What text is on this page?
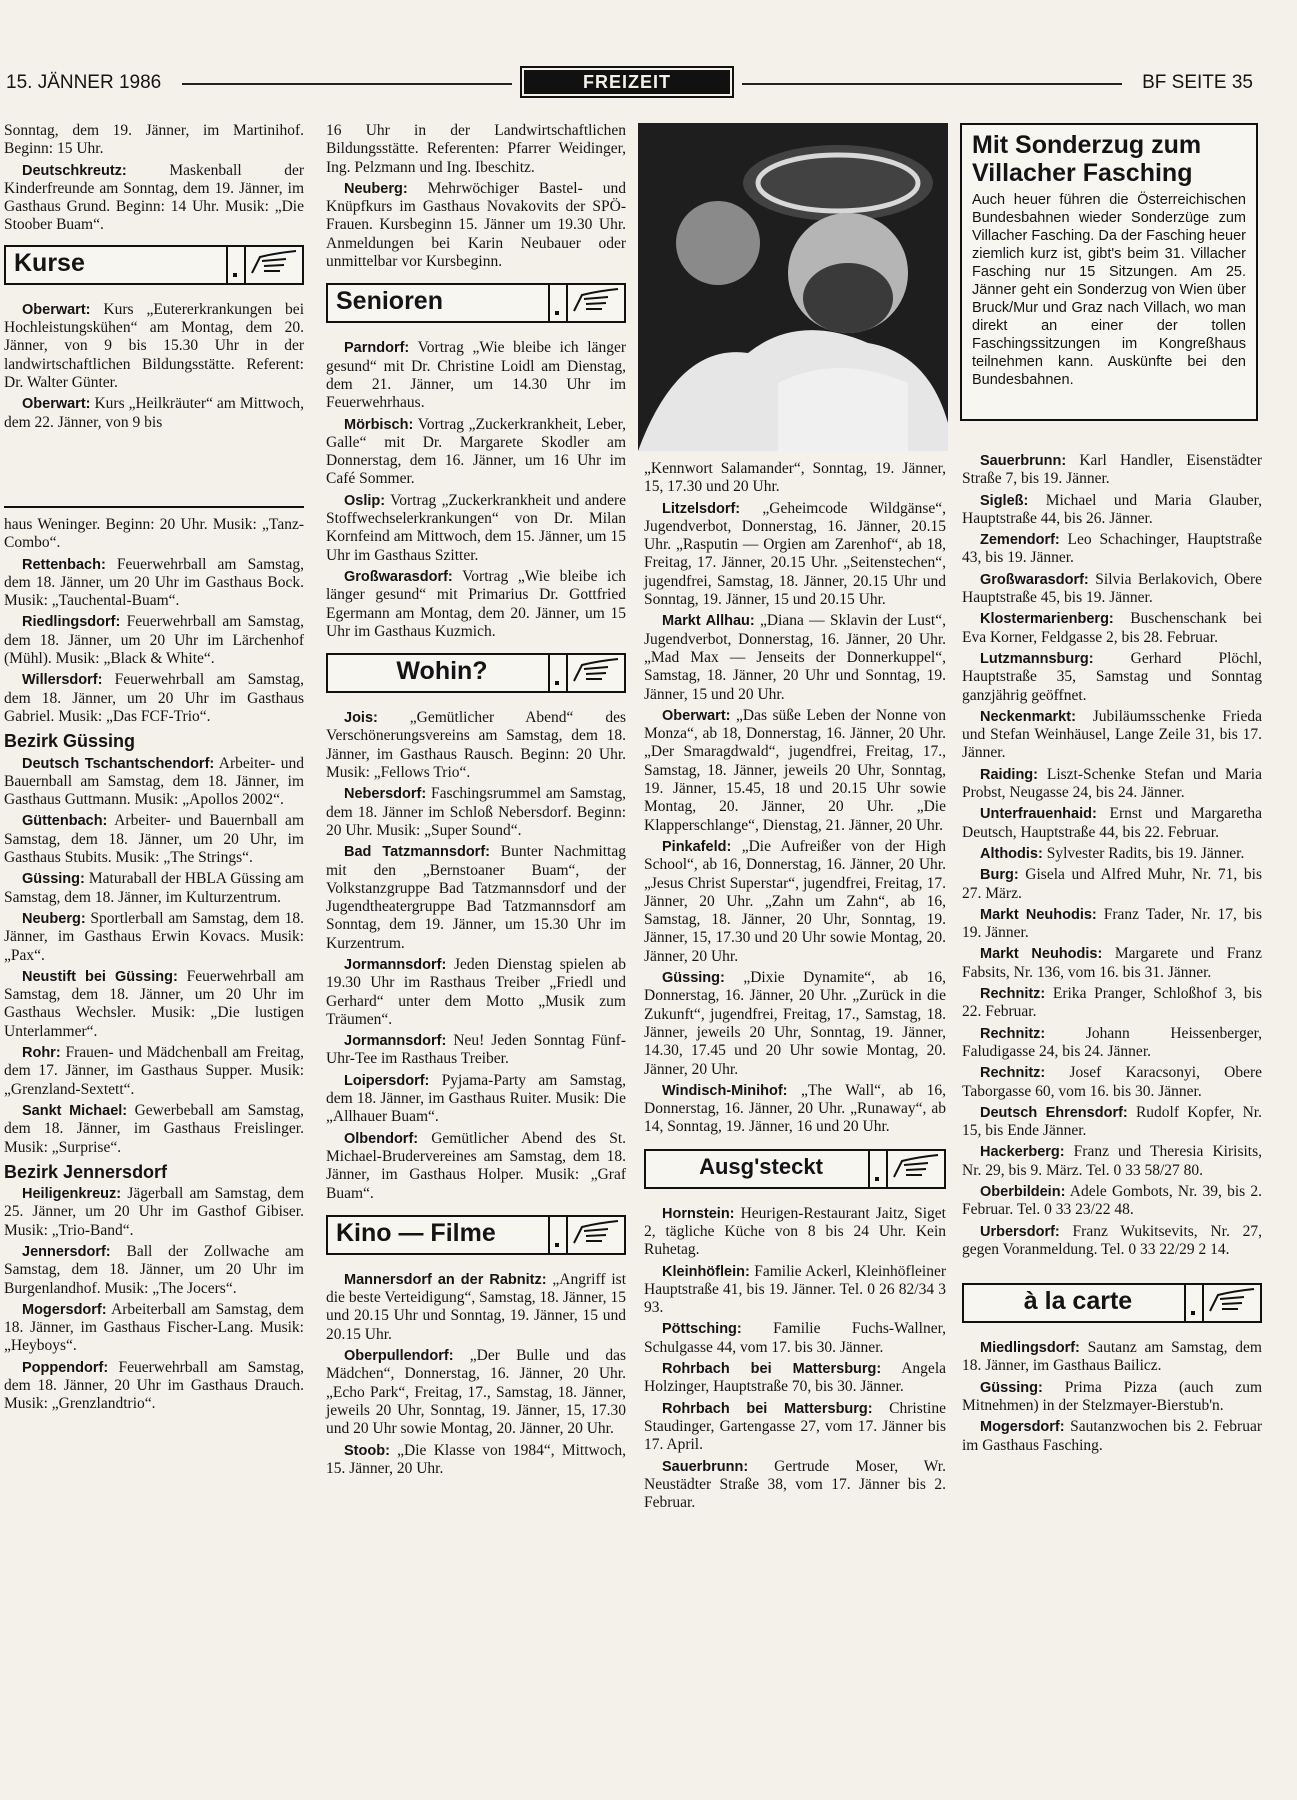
15. JÄNNER 1986	FREIZEIT	BF SEITE 35

Sonntag, dem 19. Jänner, im Martinihof. Beginn: 15 Uhr.

Deutschkreutz: Maskenball der Kinderfreunde am Sonntag, dem 19. Jänner, im Gasthaus Grund. Beginn: 14 Uhr. Musik: „Die Stoober Buam“.

Kurse

Oberwart: Kurs „Eutererkrankungen bei Hochleistungskühen“ am Montag, dem 20. Jänner, von 9 bis 15.30 Uhr in der landwirtschaftlichen Bildungsstätte. Referent: Dr. Walter Günter.

Oberwart: Kurs „Heilkräuter“ am Mittwoch, dem 22. Jänner, von 9 bis

haus Weninger. Beginn: 20 Uhr. Musik: „Tanz-Combo“.

Rettenbach: Feuerwehrball am Samstag, dem 18. Jänner, um 20 Uhr im Gasthaus Bock. Musik: „Tauchental-Buam“.

Riedlingsdorf: Feuerwehrball am Samstag, dem 18. Jänner, um 20 Uhr im Lärchenhof (Mühl). Musik: „Black & White“.

Willersdorf: Feuerwehrball am Samstag, dem 18. Jänner, um 20 Uhr im Gasthaus Gabriel. Musik: „Das FCF-Trio“.

Bezirk Güssing

Deutsch Tschantschendorf: Arbeiter- und Bauernball am Samstag, dem 18. Jänner, im Gasthaus Guttmann. Musik: „Apollos 2002“.

Güttenbach: Arbeiter- und Bauernball am Samstag, dem 18. Jänner, um 20 Uhr, im Gasthaus Stubits. Musik: „The Strings“.

Güssing: Maturaball der HBLA Güssing am Samstag, dem 18. Jänner, im Kulturzentrum.

Neuberg: Sportlerball am Samstag, dem 18. Jänner, im Gasthaus Erwin Kovacs. Musik: „Pax“.

Neustift bei Güssing: Feuerwehrball am Samstag, dem 18. Jänner, um 20 Uhr im Gasthaus Wechsler. Musik: „Die lustigen Unterlammer“.

Rohr: Frauen- und Mädchenball am Freitag, dem 17. Jänner, im Gasthaus Supper. Musik: „Grenzland-Sextett“.

Sankt Michael: Gewerbeball am Samstag, dem 18. Jänner, im Gasthaus Freislinger. Musik: „Surprise“.

Bezirk Jennersdorf

Heiligenkreuz: Jägerball am Samstag, dem 25. Jänner, um 20 Uhr im Gasthof Gibiser. Musik: „Trio-Band“.

Jennersdorf: Ball der Zollwache am Samstag, dem 18. Jänner, um 20 Uhr im Burgenlandhof. Musik: „The Jocers“.

Mogersdorf: Arbeiterball am Samstag, dem 18. Jänner, im Gasthaus Fischer-Lang. Musik: „Heyboys“.

Poppendorf: Feuerwehrball am Samstag, dem 18. Jänner, 20 Uhr im Gasthaus Drauch. Musik: „Grenzlandtrio“.

16 Uhr in der Landwirtschaftlichen Bildungsstätte. Referenten: Pfarrer Weidinger, Ing. Pelzmann und Ing. Ibeschitz.

Neuberg: Mehrwöchiger Bastel- und Knüpfkurs im Gasthaus Novakovits der SPÖ-Frauen. Kursbeginn 15. Jänner um 19.30 Uhr. Anmeldungen bei Karin Neubauer oder unmittelbar vor Kursbeginn.

Senioren

Parndorf: Vortrag „Wie bleibe ich länger gesund“ mit Dr. Christine Loidl am Dienstag, dem 21. Jänner, um 14.30 Uhr im Feuerwehrhaus.

Mörbisch: Vortrag „Zuckerkrankheit, Leber, Galle“ mit Dr. Margarete Skodler am Donnerstag, dem 16. Jänner, um 16 Uhr im Café Sommer.

Oslip: Vortrag „Zuckerkrankheit und andere Stoffwechselerkrankungen“ von Dr. Milan Kornfeind am Mittwoch, dem 15. Jänner, um 15 Uhr im Gasthaus Szitter.

Großwarasdorf: Vortrag „Wie bleibe ich länger gesund“ mit Primarius Dr. Gottfried Egermann am Montag, dem 20. Jänner, um 15 Uhr im Gasthaus Kuzmich.

Wohin?

Jois: „Gemütlicher Abend“ des Verschönerungsvereins am Samstag, dem 18. Jänner, im Gasthaus Rausch. Beginn: 20 Uhr. Musik: „Fellows Trio“.

Nebersdorf: Faschingsrummel am Samstag, dem 18. Jänner im Schloß Nebersdorf. Beginn: 20 Uhr. Musik: „Super Sound“.

Bad Tatzmannsdorf: Bunter Nachmittag mit den „Bernstoaner Buam“, der Volkstanzgruppe Bad Tatzmannsdorf und der Jugendtheatergruppe Bad Tatzmannsdorf am Sonntag, dem 19. Jänner, um 15.30 Uhr im Kurzentrum.

Jormannsdorf: Jeden Dienstag spielen ab 19.30 Uhr im Rasthaus Treiber „Friedl und Gerhard“ unter dem Motto „Musik zum Träumen“.

Jormannsdorf: Neu! Jeden Sonntag Fünf-Uhr-Tee im Rasthaus Treiber.

Loipersdorf: Pyjama-Party am Samstag, dem 18. Jänner, im Gasthaus Ruiter. Musik: Die „Allhauer Buam“.

Olbendorf: Gemütlicher Abend des St. Michael-Brudervereines am Samstag, dem 18. Jänner, im Gasthaus Holper. Musik: „Graf Buam“.

Kino — Filme

Mannersdorf an der Rabnitz: „Angriff ist die beste Verteidigung“, Samstag, 18. Jänner, 15 und 20.15 Uhr und Sonntag, 19. Jänner, 15 und 20.15 Uhr.

Oberpullendorf: „Der Bulle und das Mädchen“, Donnerstag, 16. Jänner, 20 Uhr. „Echo Park“, Freitag, 17., Samstag, 18. Jänner, jeweils 20 Uhr, Sonntag, 19. Jänner, 15, 17.30 und 20 Uhr sowie Montag, 20. Jänner, 20 Uhr.

Stoob: „Die Klasse von 1984“, Mittwoch, 15. Jänner, 20 Uhr.

Mit Sonderzug zum Villacher Fasching

Auch heuer führen die Österreichischen Bundesbahnen wieder Sonderzüge zum Villacher Fasching. Da der Fasching heuer ziemlich kurz ist, gibt's beim 31. Villacher Fasching nur 15 Sitzungen. Am 25. Jänner geht ein Sonderzug von Wien über Bruck/Mur und Graz nach Villach, wo man direkt an einer der tollen Faschingssitzungen im Kongreßhaus teilnehmen kann. Auskünfte bei den Bundesbahnen.

„Kennwort Salamander“, Sonntag, 19. Jänner, 15, 17.30 und 20 Uhr.

Litzelsdorf: „Geheimcode Wildgänse“, Jugendverbot, Donnerstag, 16. Jänner, 20.15 Uhr. „Rasputin — Orgien am Zarenhof“, ab 18, Freitag, 17. Jänner, 20.15 Uhr. „Seitenstechen“, jugendfrei, Samstag, 18. Jänner, 20.15 Uhr und Sonntag, 19. Jänner, 15 und 20.15 Uhr.

Markt Allhau: „Diana — Sklavin der Lust“, Jugendverbot, Donnerstag, 16. Jänner, 20 Uhr. „Mad Max — Jenseits der Donnerkuppel“, Samstag, 18. Jänner, 20 Uhr und Sonntag, 19. Jänner, 15 und 20 Uhr.

Oberwart: „Das süße Leben der Nonne von Monza“, ab 18, Donnerstag, 16. Jänner, 20 Uhr. „Der Smaragdwald“, jugendfrei, Freitag, 17., Samstag, 18. Jänner, jeweils 20 Uhr, Sonntag, 19. Jänner, 15.45, 18 und 20.15 Uhr sowie Montag, 20. Jänner, 20 Uhr. „Die Klapperschlange“, Dienstag, 21. Jänner, 20 Uhr.

Pinkafeld: „Die Aufreißer von der High School“, ab 16, Donnerstag, 16. Jänner, 20 Uhr. „Jesus Christ Superstar“, jugendfrei, Freitag, 17. Jänner, 20 Uhr. „Zahn um Zahn“, ab 16, Samstag, 18. Jänner, 20 Uhr, Sonntag, 19. Jänner, 15, 17.30 und 20 Uhr sowie Montag, 20. Jänner, 20 Uhr.

Güssing: „Dixie Dynamite“, ab 16, Donnerstag, 16. Jänner, 20 Uhr. „Zurück in die Zukunft“, jugendfrei, Freitag, 17., Samstag, 18. Jänner, jeweils 20 Uhr, Sonntag, 19. Jänner, 14.30, 17.45 und 20 Uhr sowie Montag, 20. Jänner, 20 Uhr.

Windisch-Minihof: „The Wall“, ab 16, Donnerstag, 16. Jänner, 20 Uhr. „Runaway“, ab 14, Sonntag, 19. Jänner, 16 und 20 Uhr.

Ausg'steckt

Hornstein: Heurigen-Restaurant Jaitz, Siget 2, tägliche Küche von 8 bis 24 Uhr. Kein Ruhetag.

Kleinhöflein: Familie Ackerl, Kleinhöflein​er Hauptstraße 41, bis 19. Jänner. Tel. 0 26 82/34 3 93.

Pöttsching: Familie Fuchs-Wallner, Schulgasse 44, vom 17. bis 30. Jänner.

Rohrbach bei Mattersburg: Angela Holzinger, Hauptstraße 70, bis 30. Jänner.

Rohrbach bei Mattersburg: Christine Staudinger, Gartengasse 27, vom 17. Jänner bis 17. April.

Sauerbrunn: Gertrude Moser, Wr. Neustädter Straße 38, vom 17. Jänner bis 2. Februar.

Sauerbrunn: Karl Handler, Eisenstädter Straße 7, bis 19. Jänner.

Sigleß: Michael und Maria Glauber, Hauptstraße 44, bis 26. Jänner.

Zemendorf: Leo Schachinger, Hauptstraße 43, bis 19. Jänner.

Großwarasdorf: Silvia Berlakovich, Obere Hauptstraße 45, bis 19. Jänner.

Klostermarienberg: Buschenschank bei Eva Korner, Feldgasse 2, bis 28. Februar.

Lutzmannsburg: Gerhard Plöchl, Hauptstraße 35, Samstag und Sonntag ganzjährig geöffnet.

Neckenmarkt: Jubiläumsschenke Frieda und Stefan Weinhäusel, Lange Zeile 31, bis 17. Jänner.

Raiding: Liszt-Schenke Stefan und Maria Probst, Neugasse 24, bis 24. Jänner.

Unterfrauenhaid: Ernst und Margaretha Deutsch, Hauptstraße 44, bis 22. Februar.

Althodis: Sylvester Radits, bis 19. Jänner.

Burg: Gisela und Alfred Muhr, Nr. 71, bis 27. März.

Markt Neuhodis: Franz Tader, Nr. 17, bis 19. Jänner.

Markt Neuhodis: Margarete und Franz Fabsits, Nr. 136, vom 16. bis 31. Jänner.

Rechnitz: Erika Pranger, Schloßhof 3, bis 22. Februar.

Rechnitz: Johann Heissenberger, Faludigasse 24, bis 24. Jänner.

Rechnitz: Josef Karacsonyi, Obere Taborgasse 60, vom 16. bis 30. Jänner.

Deutsch Ehrensdorf: Rudolf Kopfer, Nr. 15, bis Ende Jänner.

Hackerberg: Franz und Theresia Kirisits, Nr. 29, bis 9. März. Tel. 0 33 58/27 80.

Oberbildein: Adele Gombots, Nr. 39, bis 2. Februar. Tel. 0 33 23/22 48.

Urbersdorf: Franz Wukitsevits, Nr. 27, gegen Voranmeldung. Tel. 0 33 22/29 2 14.

à la carte

Miedlingsdorf: Sautanz am Samstag, dem 18. Jänner, im Gasthaus Bailicz.

Güssing: Prima Pizza (auch zum Mitnehmen) in der Stelzmayer-Bierstub'n.

Mogersdorf: Sautanzwochen bis 2. Februar im Gasthaus Fasching.
